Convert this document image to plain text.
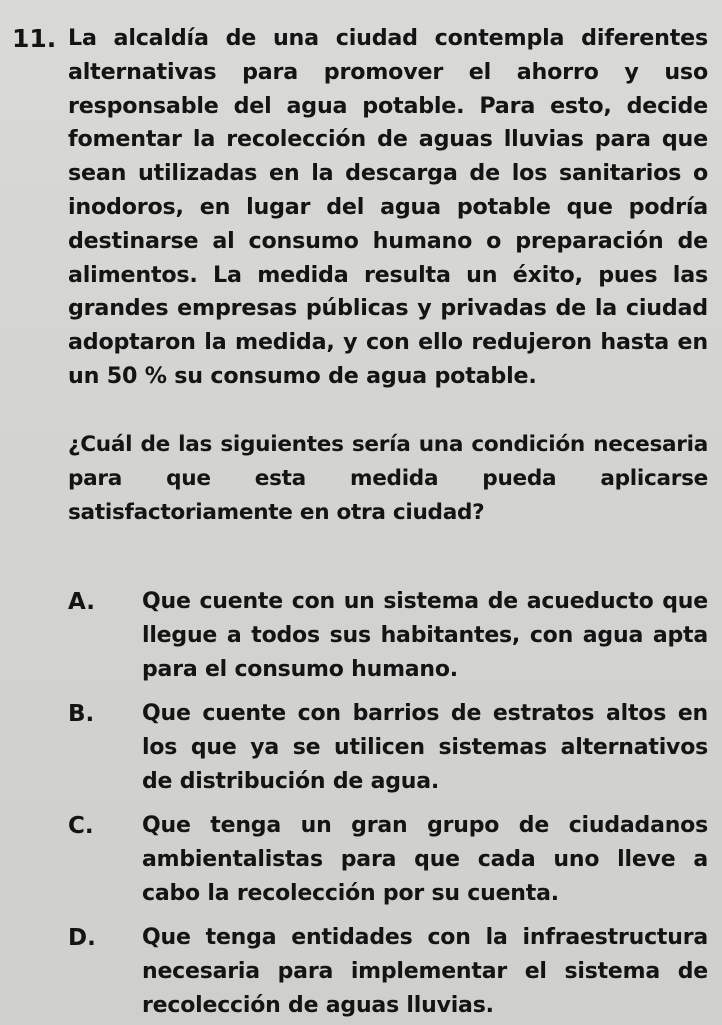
11. La alcaldía de una ciudad contempla diferentes alternativas para promover el ahorro y uso responsable del agua potable. Para esto, decide fomentar la recolección de aguas lluvias para que sean utilizadas en la descarga de los sanitarios o inodoros, en lugar del agua potable que podría destinarse al consumo humano o preparación de alimentos. La medida resulta un éxito, pues las grandes empresas públicas y privadas de la ciudad adoptaron la medida, y con ello redujeron hasta en un 50 % su consumo de agua potable.

¿Cuál de las siguientes sería una condición necesaria para que esta medida pueda aplicarse satisfactoriamente en otra ciudad?

A. Que cuente con un sistema de acueducto que llegue a todos sus habitantes, con agua apta para el consumo humano.
B. Que cuente con barrios de estratos altos en los que ya se utilicen sistemas alternativos de distribución de agua.
C. Que tenga un gran grupo de ciudadanos ambientalistas para que cada uno lleve a cabo la recolección por su cuenta.
D. Que tenga entidades con la infraestructura necesaria para implementar el sistema de recolección de aguas lluvias.
